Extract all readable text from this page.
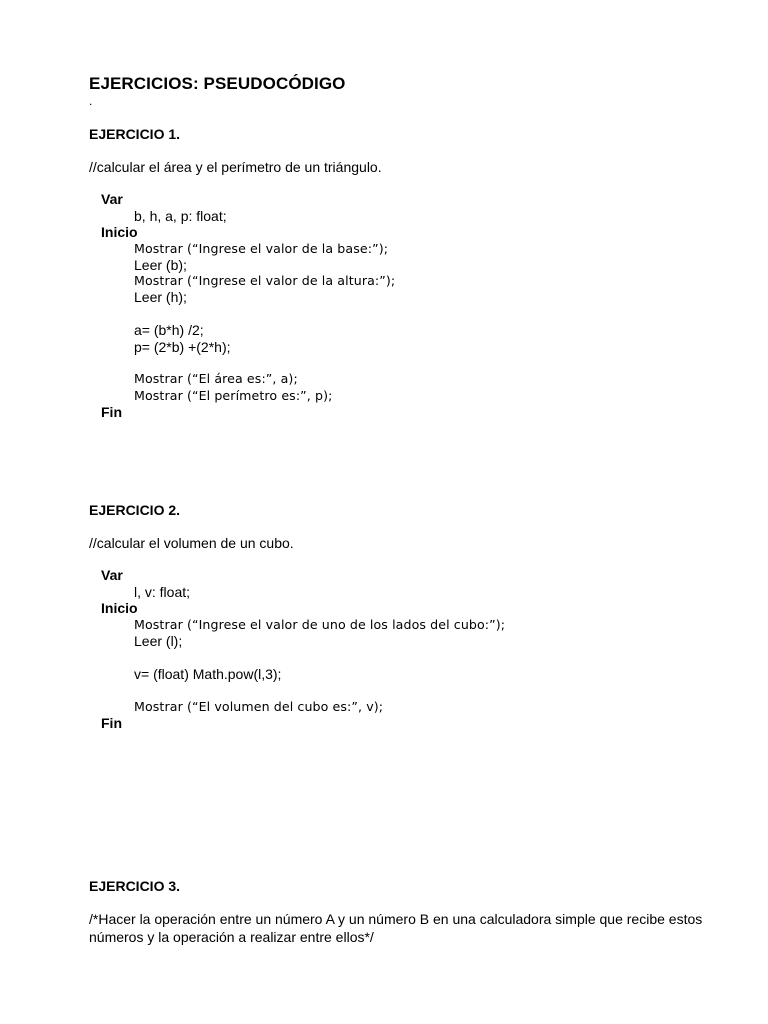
EJERCICIOS: PSEUDOCÓDIGO
.
EJERCICIO 1.
//calcular el área y el perímetro de un triángulo.
Var
b, h, a, p: float;
Inicio
Mostrar (“Ingrese el valor de la base:”);
Leer (b);
Mostrar (“Ingrese el valor de la altura:”);
Leer (h);
a= (b*h) /2;
p= (2*b) +(2*h);
Mostrar (“El área es:”, a);
Mostrar (“El perímetro es:”, p);
Fin
EJERCICIO 2.
//calcular el volumen de un cubo.
Var
l, v: float;
Inicio
Mostrar (“Ingrese el valor de uno de los lados del cubo:”);
Leer (l);
v= (float) Math.pow(l,3);
Mostrar (“El volumen del cubo es:”, v);
Fin
EJERCICIO 3.
/*Hacer la operación entre un número A y un número B en una calculadora simple que recibe estos
números y la operación a realizar entre ellos*/
